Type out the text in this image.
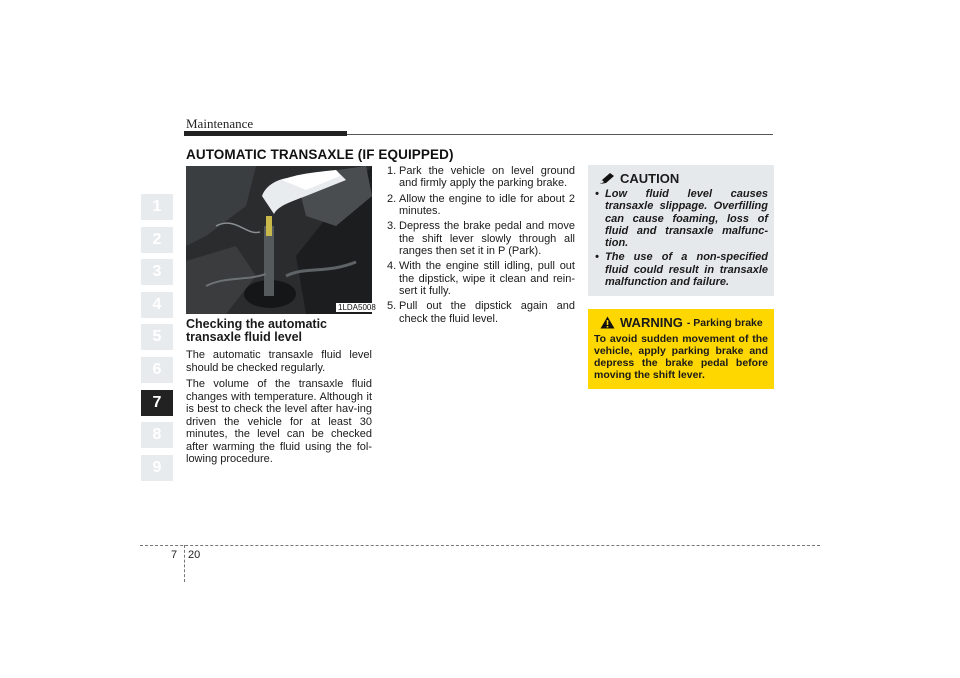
Maintenance
AUTOMATIC TRANSAXLE (IF EQUIPPED)
1
2
3
4
5
6
7
8
9
1LDA5008
Checking the automatic transaxle fluid level

The automatic transaxle fluid level should be checked regularly.

The volume of the transaxle fluid changes with temperature. Although it is best to check the level after hav-ing driven the vehicle for at least 30 minutes, the level can be checked after warming the fluid using the fol-lowing procedure.

1. Park the vehicle on level ground and firmly apply the parking brake.
2. Allow the engine to idle for about 2 minutes.
3. Depress the brake pedal and move the shift lever slowly through all ranges then set it in P (Park).
4. With the engine still idling, pull out the dipstick, wipe it clean and rein-sert it fully.
5. Pull out the dipstick again and check the fluid level.
CAUTION
• Low fluid level causes transaxle slippage. Overfilling can cause foaming, loss of fluid and transaxle malfunc-tion.
• The use of a non-specified fluid could result in transaxle malfunction and failure.
WARNING - Parking brake
To avoid sudden movement of the vehicle, apply parking brake and depress the brake pedal before moving the shift lever.
7 20
